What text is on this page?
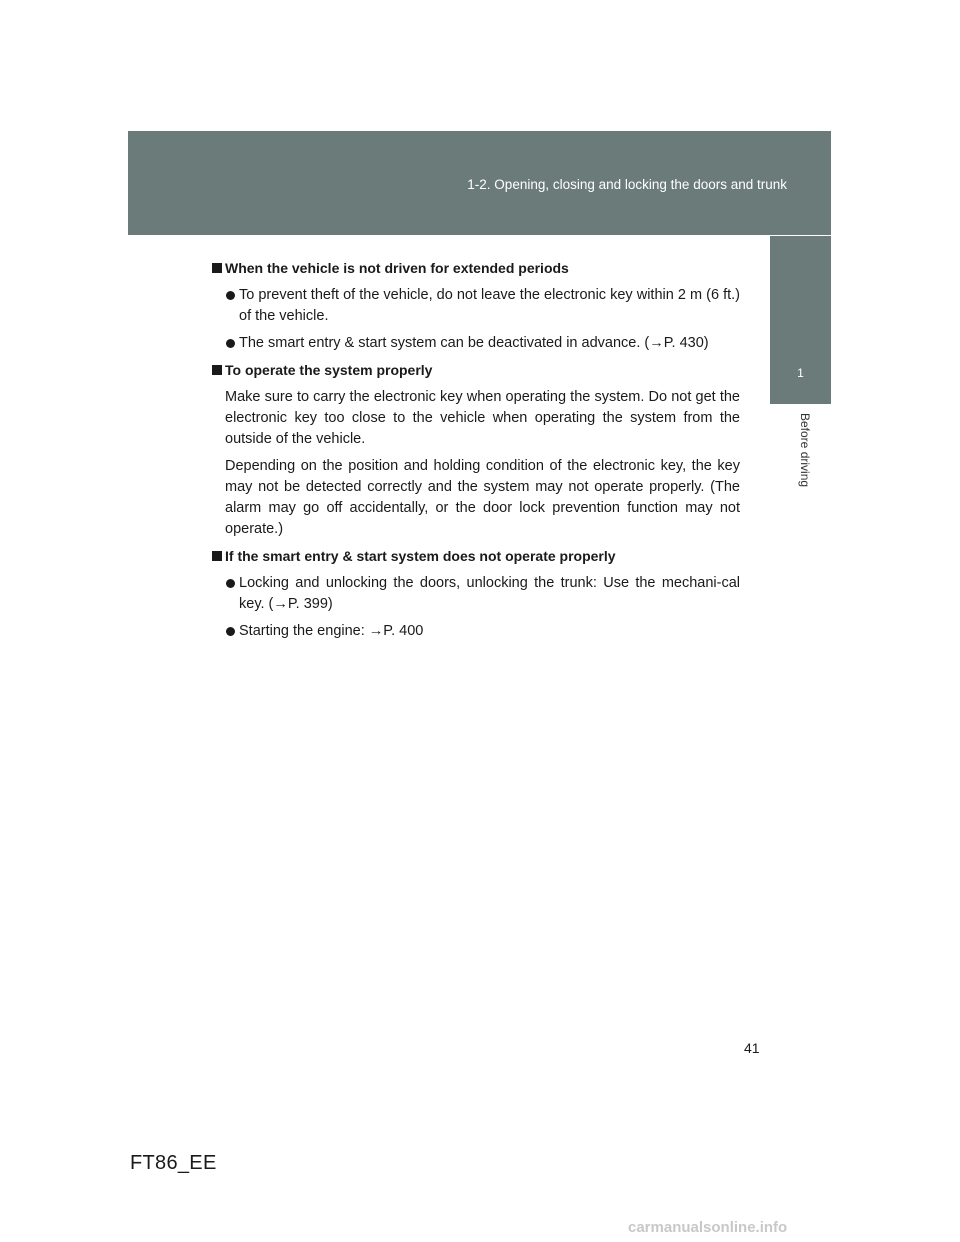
1-2. Opening, closing and locking the doors and trunk
1
Before driving

When the vehicle is not driven for extended periods

To prevent theft of the vehicle, do not leave the electronic key within 2 m (6 ft.) of the vehicle.

The smart entry & start system can be deactivated in advance. (→P. 430)

To operate the system properly

Make sure to carry the electronic key when operating the system. Do not get the electronic key too close to the vehicle when operating the system from the outside of the vehicle.

Depending on the position and holding condition of the electronic key, the key may not be detected correctly and the system may not operate properly. (The alarm may go off accidentally, or the door lock prevention function may not operate.)

If the smart entry & start system does not operate properly

Locking and unlocking the doors, unlocking the trunk: Use the mechani-cal key. (→P. 399)

Starting the engine: →P. 400

41
FT86_EE
carmanualsonline.info
